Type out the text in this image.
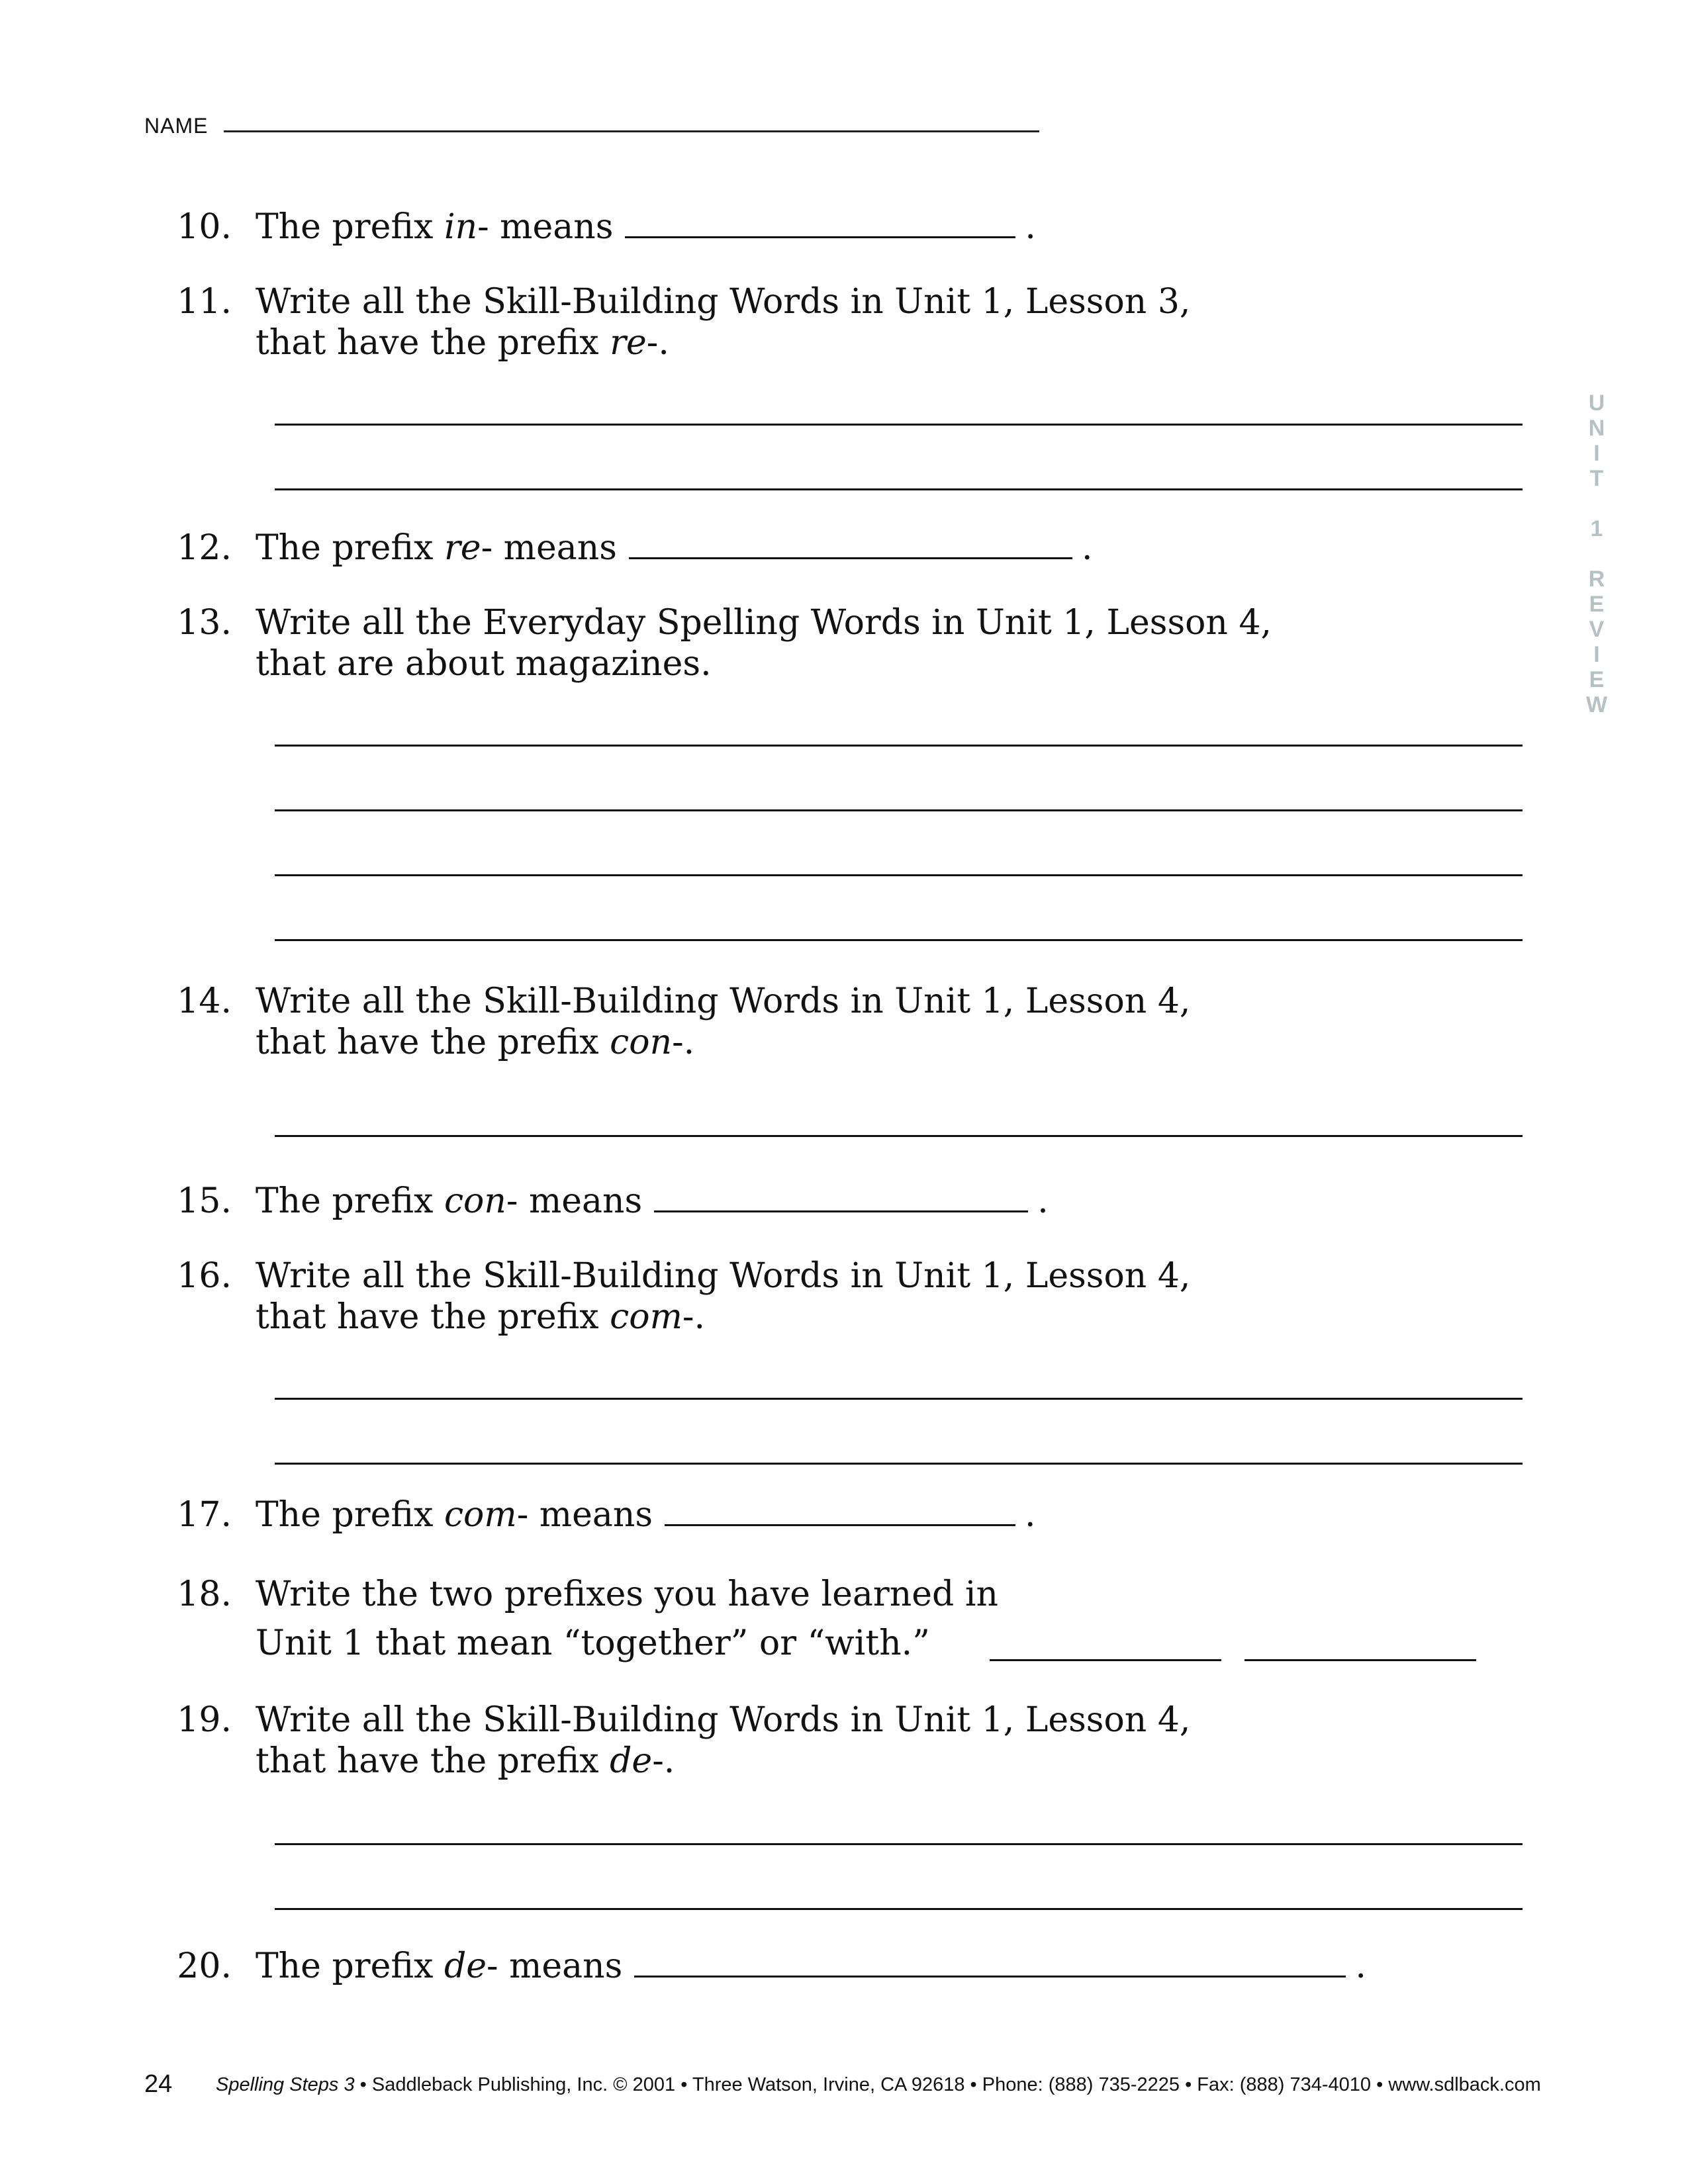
NAME
U
N
I
T

1

R
E
V
I
E
W
10. The prefix in- means	.
11. Write all the Skill-Building Words in Unit 1, Lesson 3,
that have the prefix re-.
12. The prefix re- means	.
13. Write all the Everyday Spelling Words in Unit 1, Lesson 4,
that are about magazines.
14. Write all the Skill-Building Words in Unit 1, Lesson 4,
that have the prefix con-.
15. The prefix con- means	.
16. Write all the Skill-Building Words in Unit 1, Lesson 4,
that have the prefix com-.
17. The prefix com- means	.
18. Write the two prefixes you have learned in
Unit 1 that mean “together” or “with.”
19. Write all the Skill-Building Words in Unit 1, Lesson 4,
that have the prefix de-.
20. The prefix de- means	.
24 Spelling Steps 3 • Saddleback Publishing, Inc. © 2001 • Three Watson, Irvine, CA 92618 • Phone: (888) 735-2225 • Fax: (888) 734-4010 • www.sdlback.com
